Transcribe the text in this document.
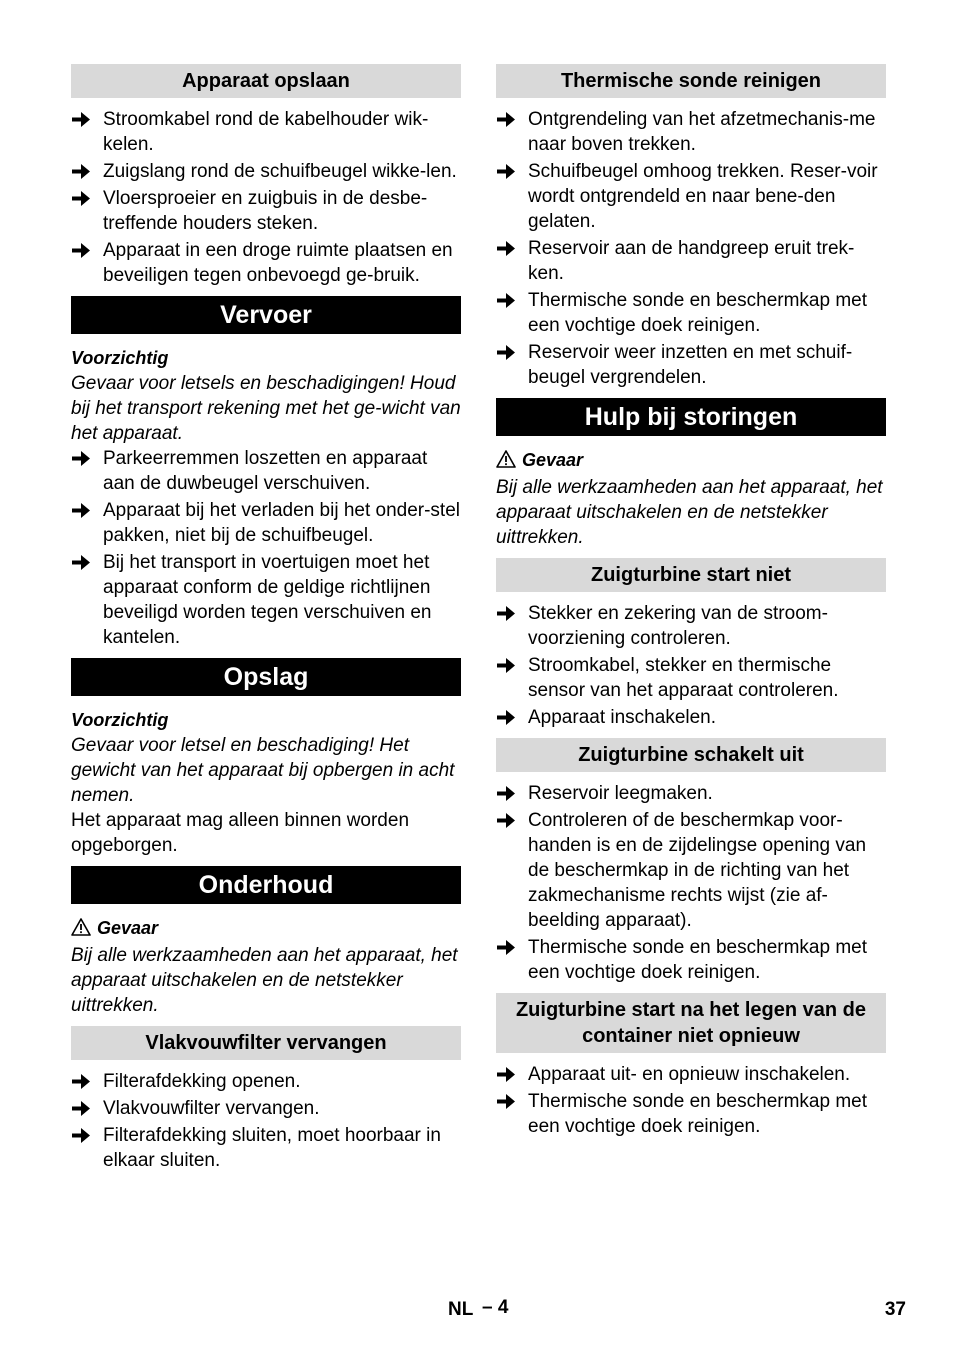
Apparaat opslaan
Stroomkabel rond de kabelhouder wik-kelen.
Zuigslang rond de schuifbeugel wikke-len.
Vloersproeier en zuigbuis in de desbe-treffende houders steken.
Apparaat in een droge ruimte plaatsen en beveiligen tegen onbevoegd ge-bruik.
Vervoer
Voorzichtig
Gevaar voor letsels en beschadigingen! Houd bij het transport rekening met het ge-wicht van het apparaat.
Parkeerremmen loszetten en apparaat aan de duwbeugel verschuiven.
Apparaat bij het verladen bij het onder-stel pakken, niet bij de schuifbeugel.
Bij het transport in voertuigen moet het apparaat conform de geldige richtlijnen beveiligd worden tegen verschuiven en kantelen.
Opslag
Voorzichtig
Gevaar voor letsel en beschadiging! Het gewicht van het apparaat bij opbergen in acht nemen.
Het apparaat mag alleen binnen worden opgeborgen.
Onderhoud
Gevaar
Bij alle werkzaamheden aan het apparaat, het apparaat uitschakelen en de netstekker uittrekken.
Vlakvouwfilter vervangen
Filterafdekking openen.
Vlakvouwfilter vervangen.
Filterafdekking sluiten, moet hoorbaar in elkaar sluiten.
Thermische sonde reinigen
Ontgrendeling van het afzetmechanis-me naar boven trekken.
Schuifbeugel omhoog trekken. Reser-voir wordt ontgrendeld en naar bene-den gelaten.
Reservoir aan de handgreep eruit trek-ken.
Thermische sonde en beschermkap met een vochtige doek reinigen.
Reservoir weer inzetten en met schuif-beugel vergrendelen.
Hulp bij storingen
Gevaar
Bij alle werkzaamheden aan het apparaat, het apparaat uitschakelen en de netstekker uittrekken.
Zuigturbine start niet
Stekker en zekering van de stroom-voorziening controleren.
Stroomkabel, stekker en thermische sensor van het apparaat controleren.
Apparaat inschakelen.
Zuigturbine schakelt uit
Reservoir leegmaken.
Controleren of de beschermkap voor-handen is en de zijdelingse opening van de beschermkap in de richting van het zakmechanisme rechts wijst (zie af-beelding apparaat).
Thermische sonde en beschermkap met een vochtige doek reinigen.
Zuigturbine start na het legen van de container niet opnieuw
Apparaat uit- en opnieuw inschakelen.
Thermische sonde en beschermkap met een vochtige doek reinigen.
NL – 4	37
